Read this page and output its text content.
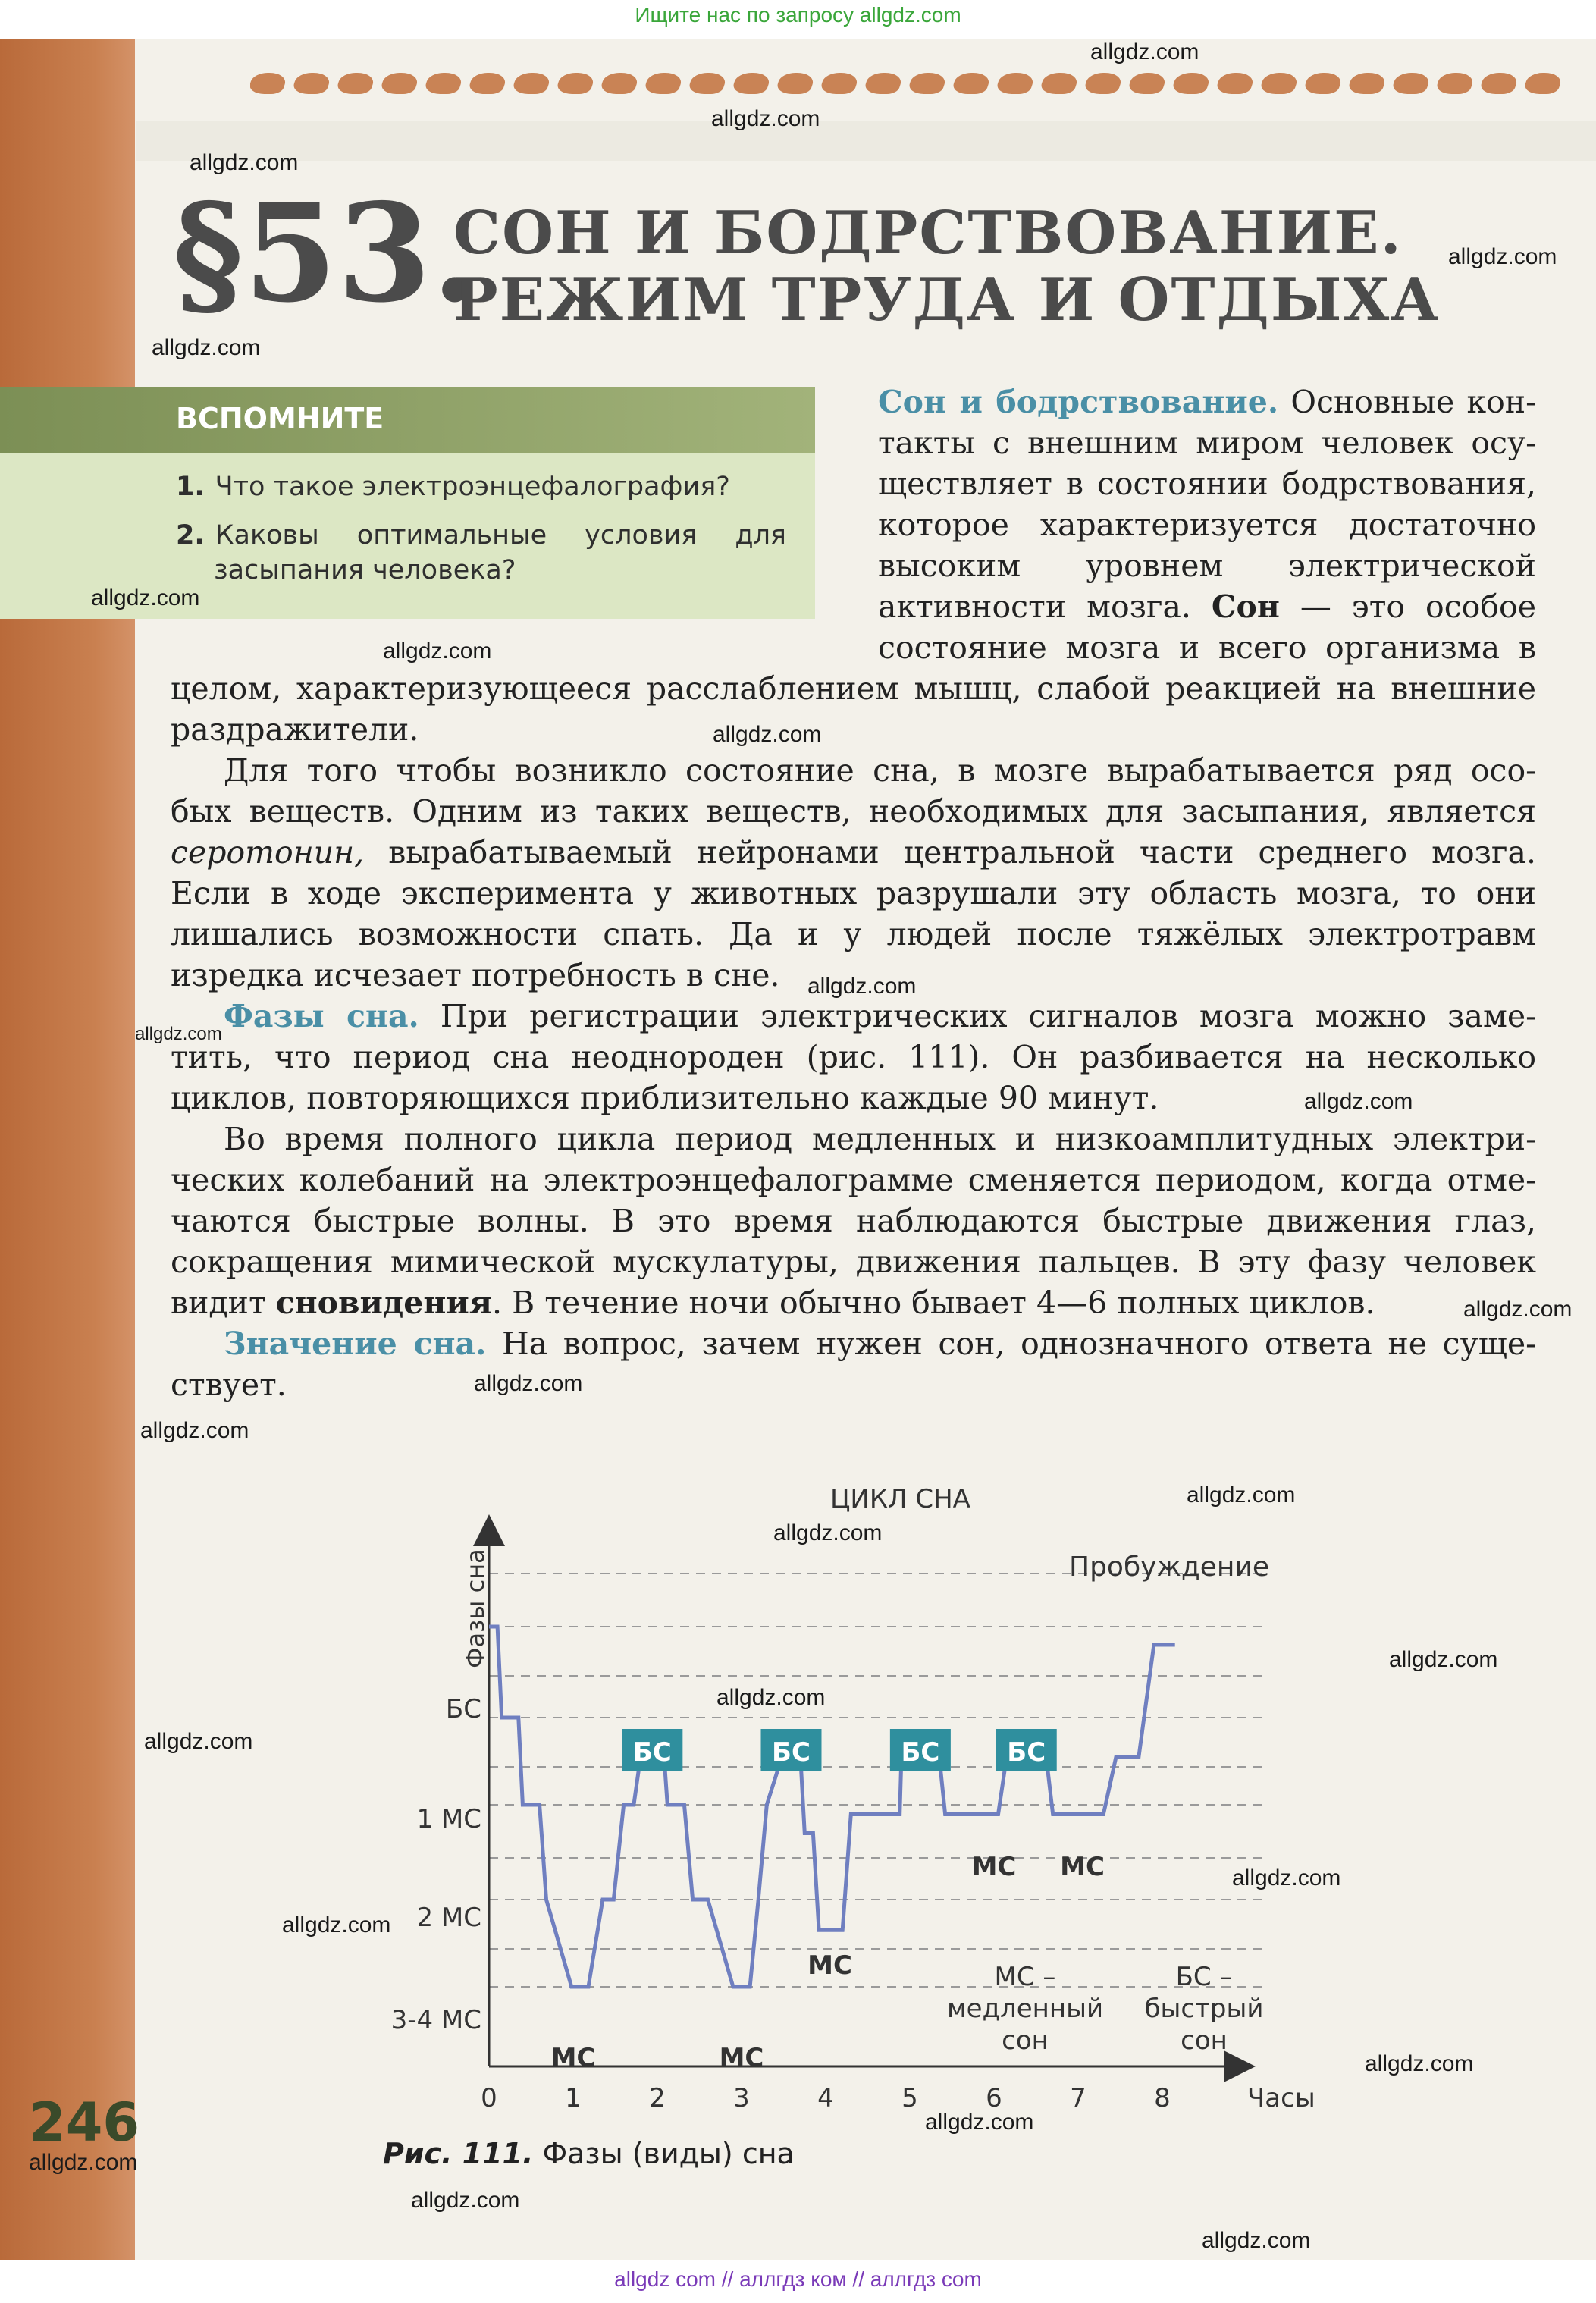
Ищите нас по запросу allgdz.com
allgdz com // аллгдз ком // аллгдз com
§53.
СОН И БОДРСТВОВАНИЕ.
РЕЖИМ ТРУДА И ОТДЫХА
ВСПОМНИТЕ
1. Что такое электроэнцефалография?
2. Каковы оптимальные условия для
засыпания человека?
Сон и бодрствование. Основные кон-
такты с внешним миром человек осу-
ществляет в состоянии бодрствования,
которое характеризуется достаточно
высоким уровнем электрической
активности мозга. Сон — это особое
состояние мозга и всего организма в
целом, характеризующееся расслаблением мышц, слабой реакцией на внешние
раздражители.
Для того чтобы возникло состояние сна, в мозге вырабатывается ряд осо-
бых веществ. Одним из таких веществ, необходимых для засыпания, является
серотонин, вырабатываемый нейронами центральной части среднего мозга.
Если в ходе эксперимента у животных разрушали эту область мозга, то они
лишались возможности спать. Да и у людей после тяжёлых электротравм
изредка исчезает потребность в сне.
Фазы сна. При регистрации электрических сигналов мозга можно заме-
тить, что период сна неоднороден (рис. 111). Он разбивается на несколько
циклов, повторяющихся приблизительно каждые 90 минут.
Во время полного цикла период медленных и низкоамплитудных электри-
ческих колебаний на электроэнцефалограмме сменяется периодом, когда отме-
чаются быстрые волны. В это время наблюдаются быстрые движения глаз,
сокращения мимической мускулатуры, движения пальцев. В эту фазу человек
видит сновидения. В течение ночи обычно бывает 4—6 полных циклов.
Значение сна. На вопрос, зачем нужен сон, однозначного ответа не суще-
ствует.
БС	БС	БС	БС
БС
1 МС
2 МС
3-4 МС
0	1	2	3	4	5	6	7	8
МС	МС
МС
МС МС
ЦИКЛ СНА
Фазы сна
Часы
Пробуждение
МС –
медленный
сон
БС –
быстрый
сон
Рис. 111. Фазы (виды) сна
246
allgdz.com
allgdz.com
allgdz.com
allgdz.com
allgdz.com
allgdz.com
allgdz.com
allgdz.com
allgdz.com
allgdz.com
allgdz.com
allgdz.com
allgdz.com
allgdz.com
allgdz.com
allgdz.com
allgdz.com
allgdz.com
allgdz.com
allgdz.com
allgdz.com
allgdz.com
allgdz.com
allgdz.com
allgdz.com
allgdz.com
